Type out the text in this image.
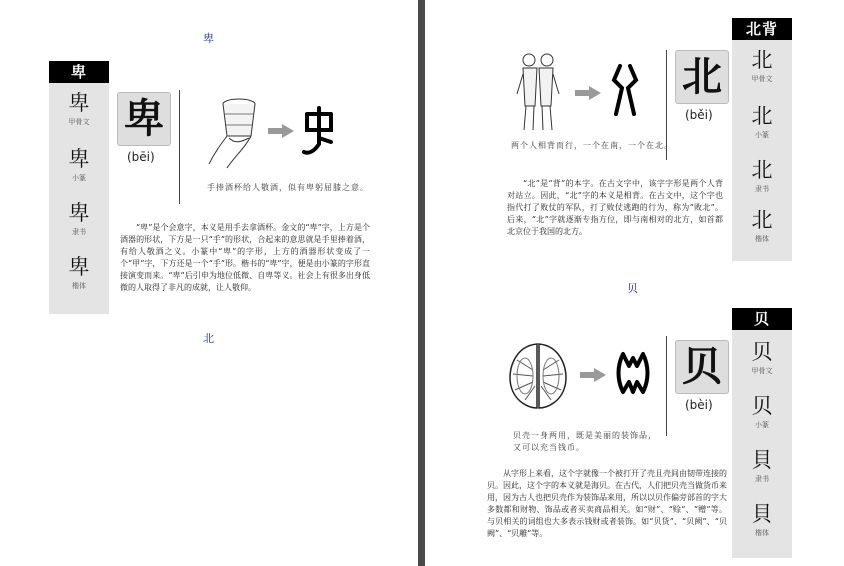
卑
卑
卑
甲骨文
卑
小篆
卑
隶书
卑
楷体
卑
(bēi)
手捧酒杯给人敬酒，似有卑躬屈膝之意。

“卑”是个会意字，本义是用手去拿酒杯。金文的“卑”字，上方是个酒器的形状，下方是一只“手”的形状，合起来的意思就是手里捧着酒，有给人敬酒之义。小篆中“卑”的字形，上方的酒器形状变成了一个“甲”字，下方还是一个“手”形。楷书的“卑”字，便是由小篆的字形直接演变而来。“卑”后引申为地位低微、自卑等义。社会上有很多出身低微的人取得了非凡的成就，让人敬仰。

北
北背
北
甲骨文
北
小篆
北
隶书
北
楷体
北
(běi)
两个人相背而行，一个在南，一个在北。

“北”是“背”的本字。在古文字中，该字字形是两个人背对站立。因此，“北”字的本义是相背。在古文中，这个字也指代打了败仗的军队，打了败仗逃跑的行为，称为“败北”。后来，“北”字就逐渐专指方位，即与南相对的北方，如首都北京位于我国的北方。

贝
贝
贝
甲骨文
贝
小篆
貝
隶书
貝
楷体
贝
(bèi)
贝壳一身两用，既是美丽的装饰品，
又可以充当钱币。

从字形上来看，这个字就像一个被打开了壳且壳间由韧带连接的贝。因此，这个字的本义就是海贝。在古代，人们把贝壳当做货币来用，因为古人也把贝壳作为装饰品来用，所以以贝作偏旁部首的字大多数都和财物、饰品或者买卖商品相关。如“财”、“赊”、“赠”等。与贝相关的词组也大多表示钱财或者装饰。如“贝货”、“贝阙”、“贝阙”、“贝雕”等。
